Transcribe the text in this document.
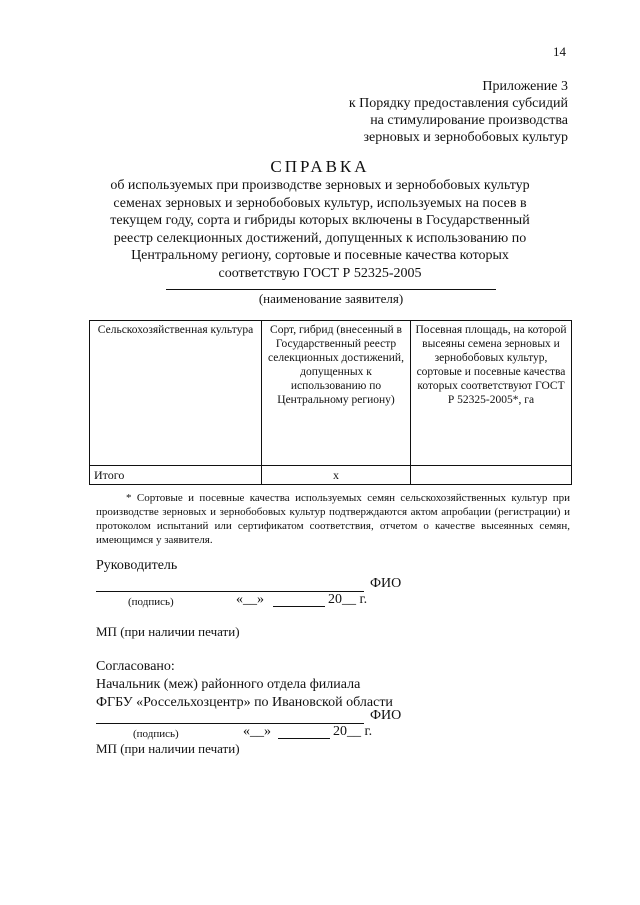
14
Приложение 3
к Порядку предоставления субсидий
на стимулирование производства
зерновых и зернобобовых культур
СПРАВКА
об используемых при производстве зерновых и зернобобовых культур семенах зерновых и зернобобовых культур, используемых на посев в текущем году, сорта и гибриды которых включены в Государственный реестр селекционных достижений, допущенных к использованию по Центральному региону, сортовые и посевные качества которых соответствую ГОСТ Р 52325-2005
(наименование заявителя)
Сельскохозяйственная культура	Сорт, гибрид (внесенный в Государственный реестр селекционных достижений, допущенных к использованию по Центральному региону)	Посевная площадь, на которой высеяны семена зерновых и зернобобовых культур, сортовые и посевные качества которых соответствуют ГОСТ Р 52325-2005*, га
Итого	x	
* Сортовые и посевные качества используемых семян сельскохозяйственных культур при производстве зерновых и зернобобовых культур подтверждаются актом апробации (регистрации) и протоколом испытаний или сертификатом соответствия, отчетом о качестве высеянных семян, имеющимся у заявителя.
Руководитель
ФИО
(подпись)	«__»	20__ г.
МП (при наличии печати)
Согласовано:
Начальник (меж) районного отдела филиала
ФГБУ «Россельхозцентр» по Ивановской области
ФИО
(подпись)	«__»	20__ г.
МП (при наличии печати)
